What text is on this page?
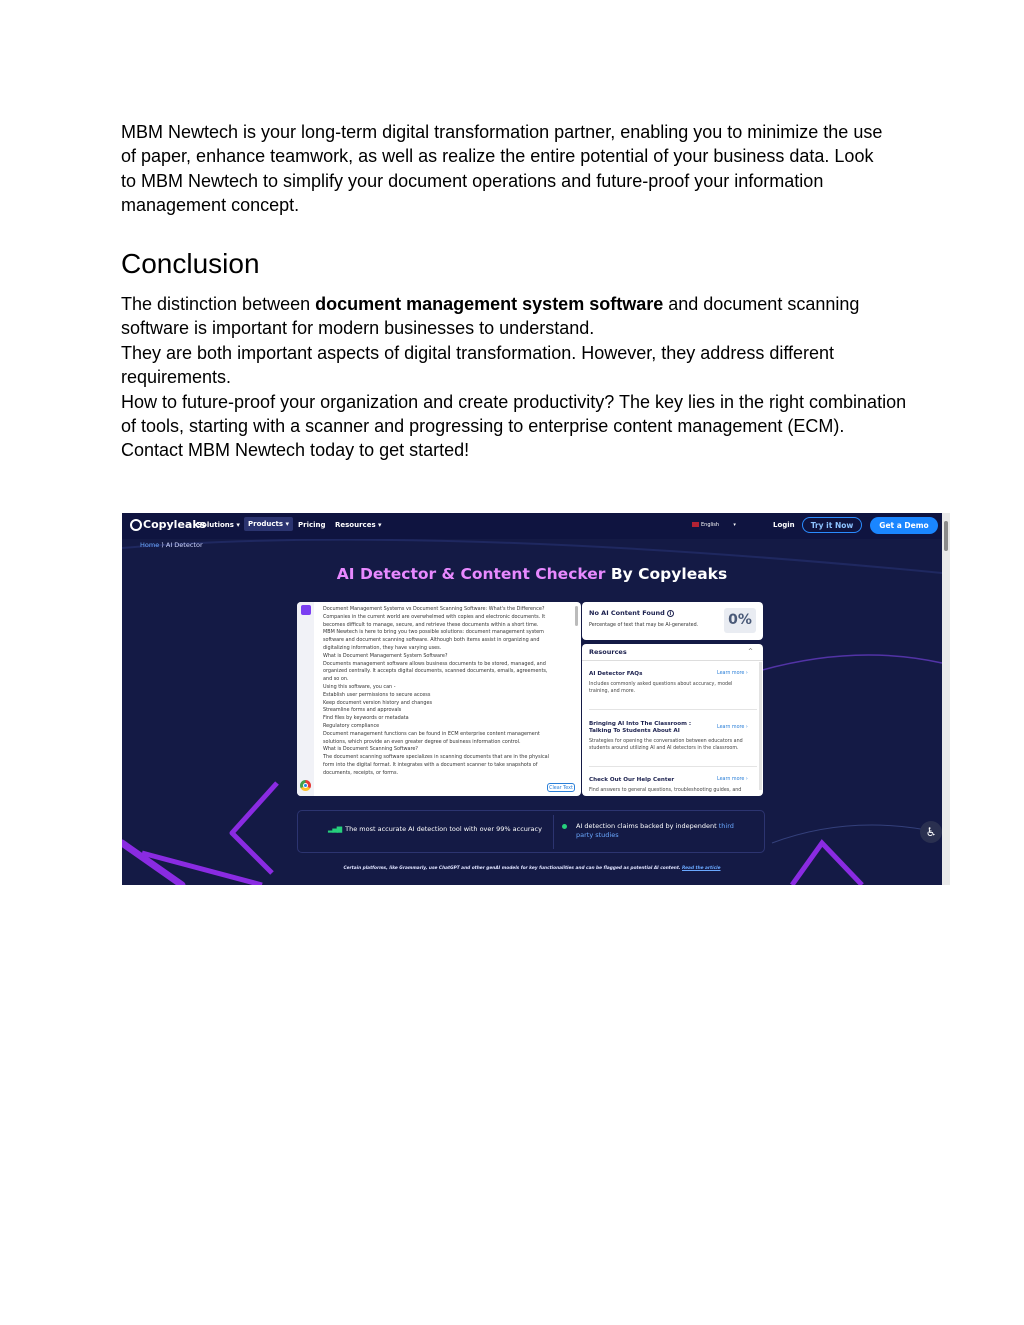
MBM Newtech is your long-term digital transformation partner, enabling you to minimize the use
of paper, enhance teamwork, as well as realize the entire potential of your business data. Look
to MBM Newtech to simplify your document operations and future-proof your information
management concept.
Conclusion

The distinction between document management system software and document scanning software is important for modern businesses to understand.

They are both important aspects of digital transformation. However, they address different requirements.

How to future-proof your organization and create productivity? The key lies in the right combination of tools, starting with a scanner and progressing to enterprise content management (ECM).

Contact MBM Newtech today to get started!

Copyleaks
Solutions ▾	Products ▾	Pricing Resources ▾	English         ▾	Login	Try it Now	Get a Demo
Home ) AI Detector
AI Detector & Content Checker By Copyleaks
Document Management Systems vs Document Scanning Software: What's the Difference?
Companies in the current world are overwhelmed with copies and electronic documents. It
becomes difficult to manage, secure, and retrieve these documents within a short time.
MBM Newtech is here to bring you two possible solutions: document management system
software and document scanning software. Although both items assist in organizing and
digitalizing information, they have varying uses.
What is Document Management System Software?
Documents management software allows business documents to be stored, managed, and
organized centrally. It accepts digital documents, scanned documents, emails, agreements,
and so on.
Using this software, you can -
Establish user permissions to secure access
Keep document version history and changes
Streamline forms and approvals
Find files by keywords or metadata
Regulatory compliance
Document management functions can be found in ECM enterprise content management
solutions, which provide an even greater degree of business information control.
What is Document Scanning Software?
The document scanning software specializes in scanning documents that are in the physical
form into the digital format. It integrates with a document scanner to take snapshots of
documents, receipts, or forms.
Clear Text
No AI Content Found i
Percentage of text that may be AI-generated. 0%
Resources	^
AI Detector FAQs
Includes commonly asked questions about accuracy, model training, and more.
Learn more ›
Bringing AI Into The Classroom : Talking To Students About AI
Strategies for opening the conversation between educators and students around utilizing AI and AI detectors in the classroom.
Learn more ›
Check Out Our Help Center
Find answers to general questions, troubleshooting guides, and
Learn more ›
▂▄▆ The most accurate AI detection tool with over 99% accuracy	AI detection claims backed by independent third party studies	♿
Certain platforms, like Grammarly, use ChatGPT and other genAI models for key functionalities and can be flagged as potential AI content. Read the article
